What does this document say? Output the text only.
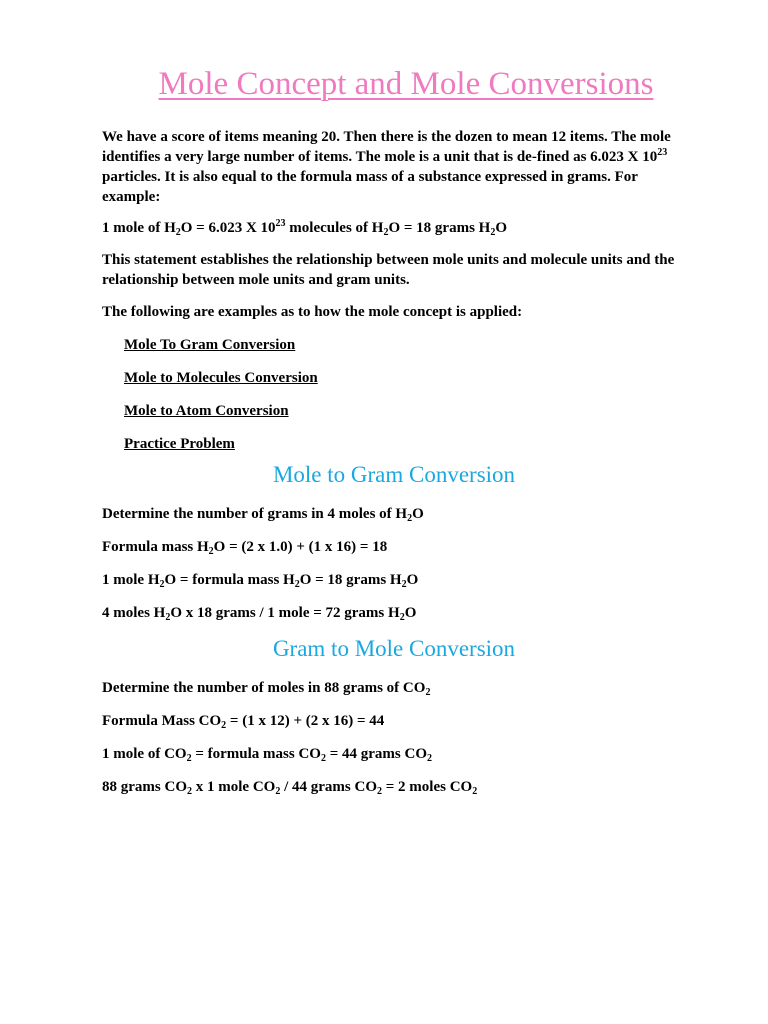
Mole Concept and Mole Conversions

We have a score of items meaning 20. Then there is the dozen to mean 12 items. The mole identifies a very large number of items. The mole is a unit that is de-fined as 6.023 X $10^{23}$ particles. It is also equal to the formula mass of a substance expressed in grams. For example:

1 mole of $H_2O = 6.023$ X $10^{23}$ molecules of $H_2O = 18$ grams $H_2O$

This statement establishes the relationship between mole units and molecule units and the relationship between mole units and gram units.

The following are examples as to how the mole concept is applied:

Mole To Gram Conversion
Mole to Molecules Conversion
Mole to Atom Conversion
Practice Problem
Mole to Gram Conversion

Determine the number of grams in 4 moles of $H_2O$

Formula mass $H_2O = (2$ x 1.0) + (1 x 16) = 18

1 mole $H_2O$ = formula mass $H_2O = 18$ grams $H_2O$

4 moles $H_2O$ x 18 grams / 1 mole = 72 grams $H_2O$

Gram to Mole Conversion

Determine the number of moles in 88 grams of $CO_2$

Formula Mass $CO_2 = (1$ x 12) + (2 x 16) = 44

1 mole of $CO_2$ = formula mass $CO_2 = 44$ grams $CO_2$

88 grams $CO_2$ x 1 mole $CO_2 / 44$ grams $CO_2 = 2$ moles $CO_2$
